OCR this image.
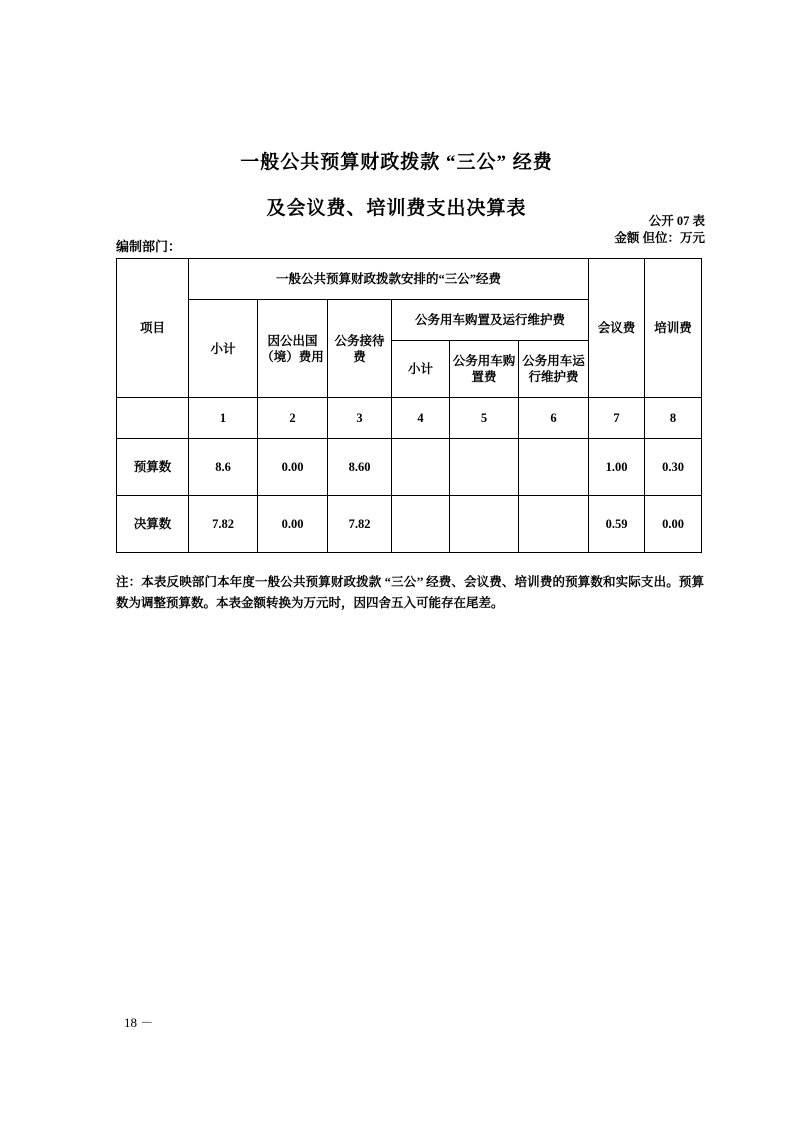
一般公共预算财政拨款 “三公” 经费
及会议费、培训费支出决算表
公开 07 表
金额 但位：万元
编制部门：
项目	一般公共预算财政拨款安排的“三公”经费						会议费	培训费
	小计	因公出国（境）费用	公务接待费	公务用车购置及运行维护费				
				小计	公务用车购置费	公务用车运行维护费		
	1	2	3	4	5	6	7	8
预算数	8.6	0.00	8.60				1.00	0.30
决算数	7.82	0.00	7.82				0.59	0.00
注：本表反映部门本年度一般公共预算财政拨款 “三公’’ 经费、会议费、培训费的预算数和实际支出。预算数为调整预算数。本表金额转换为万元时，因四舍五入可能存在尾差。
18 －
